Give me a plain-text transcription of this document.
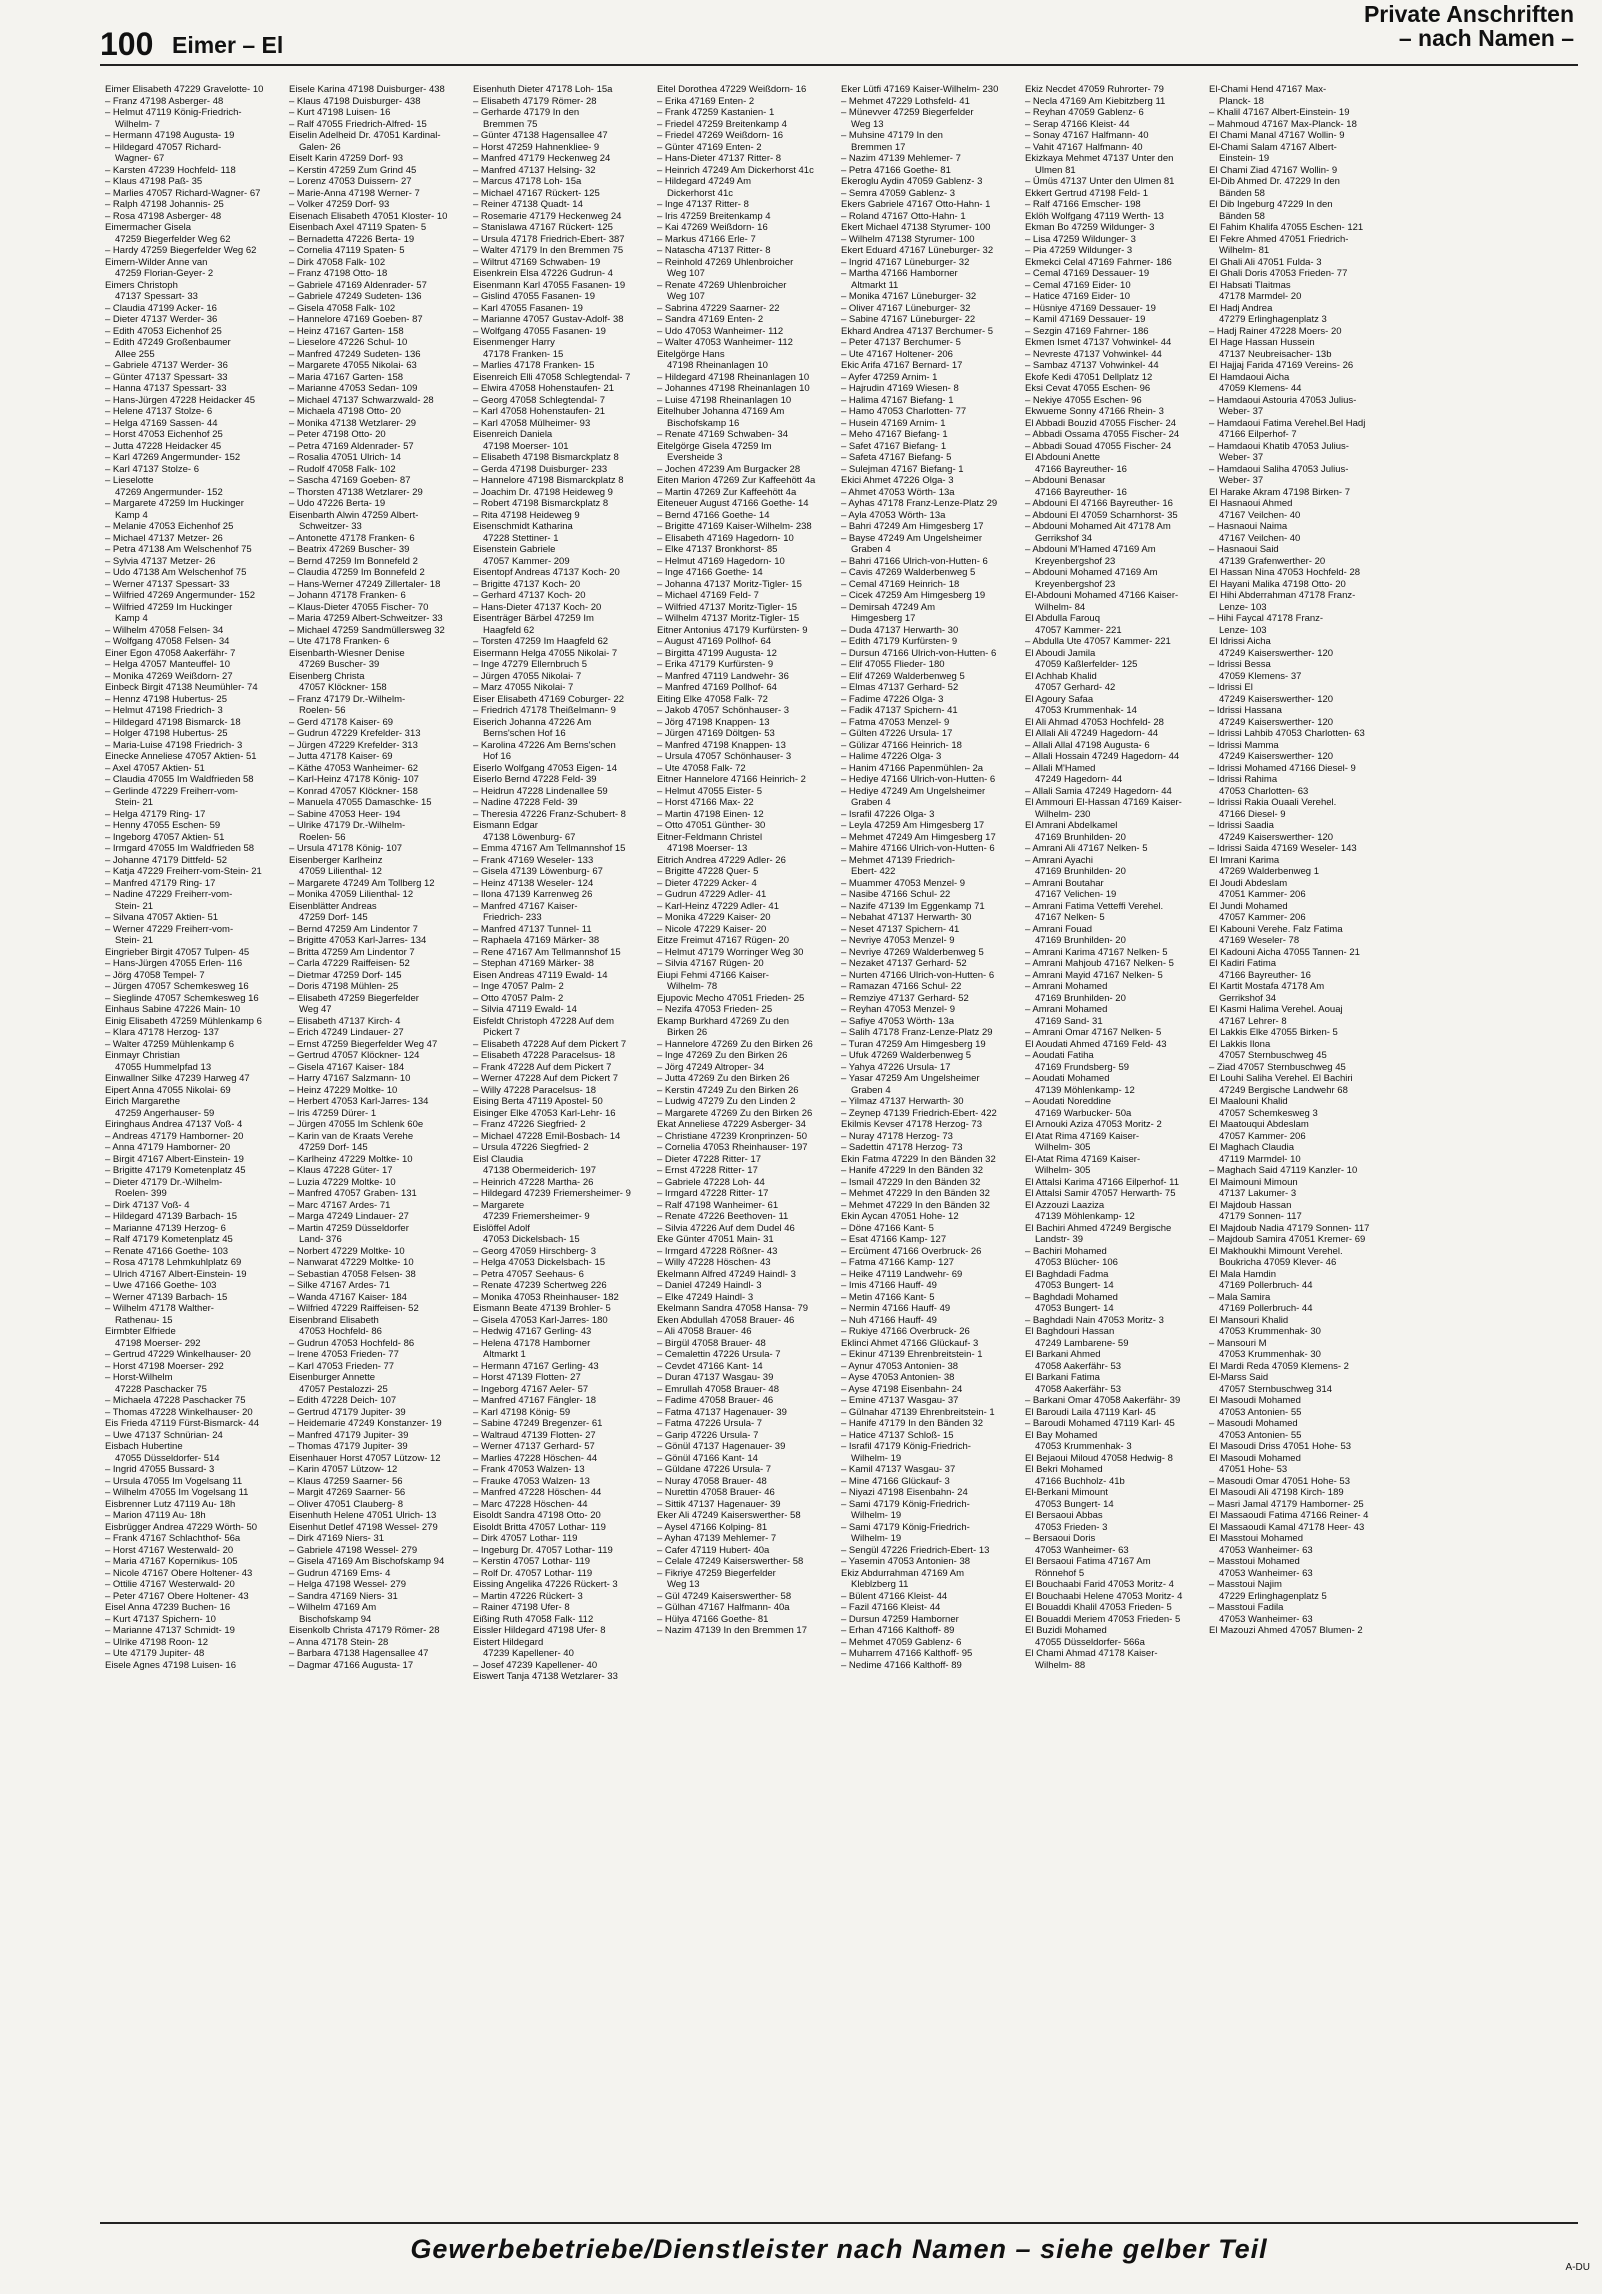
100 Eimer – El
Private Anschriften
– nach Namen –
Eimer Elisabeth 47229 Gravelotte- 10
– Franz 47198 Asberger- 48
– Helmut 47119 König-Friedrich-
Wilhelm- 7
– Hermann 47198 Augusta- 19
– Hildegard 47057 Richard-
Wagner- 67
– Karsten 47239 Hochfeld- 118
– Klaus 47198 Paß- 35
– Marlies 47057 Richard-Wagner- 67
– Ralph 47198 Johannis- 25
– Rosa 47198 Asberger- 48
Eimermacher Gisela
47259 Biegerfelder Weg 62
– Hardy 47259 Biegerfelder Weg 62
Eimern-Wilder Anne van
47259 Florian-Geyer- 2
Eimers Christoph
47137 Spessart- 33
– Claudia 47199 Acker- 16
– Dieter 47137 Werder- 36
– Edith 47053 Eichenhof 25
– Edith 47249 Großenbaumer
Allee 255
– Gabriele 47137 Werder- 36
– Günter 47137 Spessart- 33
– Hanna 47137 Spessart- 33
– Hans-Jürgen 47228 Heidacker 45
– Helene 47137 Stolze- 6
– Helga 47169 Sassen- 44
– Horst 47053 Eichenhof 25
– Jutta 47228 Heidacker 45
– Karl 47269 Angermunder- 152
– Karl 47137 Stolze- 6
– Lieselotte
47269 Angermunder- 152
– Margarete 47259 Im Huckinger
Kamp 4
– Melanie 47053 Eichenhof 25
– Michael 47137 Metzer- 26
– Petra 47138 Am Welschenhof 75
– Sylvia 47137 Metzer- 26
– Udo 47138 Am Welschenhof 75
– Werner 47137 Spessart- 33
– Wilfried 47269 Angermunder- 152
– Wilfried 47259 Im Huckinger
Kamp 4
– Wilhelm 47058 Felsen- 34
– Wolfgang 47058 Felsen- 34
Einer Egon 47058 Aakerfähr- 7
– Helga 47057 Manteuffel- 10
– Monika 47269 Weißdorn- 27
Einbeck Birgit 47138 Neumühler- 74
– Hennz 47198 Hubertus- 25
– Helmut 47198 Friedrich- 3
– Hildegard 47198 Bismarck- 18
– Holger 47198 Hubertus- 25
– Maria-Luise 47198 Friedrich- 3
Einecke Anneliese 47057 Aktien- 51
– Axel 47057 Aktien- 51
– Claudia 47055 Im Waldfrieden 58
– Gerlinde 47229 Freiherr-vom-
Stein- 21
– Helga 47179 Ring- 17
– Henny 47055 Eschen- 59
– Ingeborg 47057 Aktien- 51
– Irmgard 47055 Im Waldfrieden 58
– Johanne 47179 Dittfeld- 52
– Katja 47229 Freiherr-vom-Stein- 21
– Manfred 47179 Ring- 17
– Nadine 47229 Freiherr-vom-
Stein- 21
– Silvana 47057 Aktien- 51
– Werner 47229 Freiherr-vom-
Stein- 21
Eingrieber Birgit 47057 Tulpen- 45
– Hans-Jürgen 47055 Erlen- 116
– Jörg 47058 Tempel- 7
– Jürgen 47057 Schemkesweg 16
– Sieglinde 47057 Schemkesweg 16
Einhaus Sabine 47226 Main- 10
Einig Elisabeth 47259 Mühlenkamp 6
– Klara 47178 Herzog- 137
– Walter 47259 Mühlenkamp 6
Einmayr Christian
47055 Hummelpfad 13
Einwallner Silke 47239 Harweg 47
Eipert Anna 47055 Nikolai- 69
Eirich Margarethe
47259 Angerhauser- 59
Eiringhaus Andrea 47137 Voß- 4
– Andreas 47179 Hamborner- 20
– Anna 47179 Hamborner- 20
– Birgit 47167 Albert-Einstein- 19
– Brigitte 47179 Kometenplatz 45
– Dieter 47179 Dr.-Wilhelm-
Roelen- 399
– Dirk 47137 Voß- 4
– Hildegard 47139 Barbach- 15
– Marianne 47139 Herzog- 6
– Ralf 47179 Kometenplatz 45
– Renate 47166 Goethe- 103
– Rosa 47178 Lehmkuhlplatz 69
– Ulrich 47167 Albert-Einstein- 19
– Uwe 47166 Goethe- 103
– Werner 47139 Barbach- 15
– Wilhelm 47178 Walther-
Rathenau- 15
Eirmbter Elfriede
47198 Moerser- 292
– Gertrud 47229 Winkelhauser- 20
– Horst 47198 Moerser- 292
– Horst-Wilhelm
47228 Paschacker 75
– Michaela 47228 Paschacker 75
– Thomas 47228 Winkelhauser- 20
Eis Frieda 47119 Fürst-Bismarck- 44
– Uwe 47137 Schnürian- 24
Eisbach Hubertine
47055 Düsseldorfer- 514
– Ingrid 47055 Bussard- 3
– Ursula 47055 Im Vogelsang 11
– Wilhelm 47055 Im Vogelsang 11
Eisbrenner Lutz 47119 Au- 18h
– Marion 47119 Au- 18h
Eisbrügger Andrea 47229 Wörth- 50
– Frank 47167 Schlachthof- 56a
– Horst 47167 Westerwald- 20
– Maria 47167 Kopernikus- 105
– Nicole 47167 Obere Holtener- 43
– Ottilie 47167 Westerwald- 20
– Peter 47167 Obere Holtener- 43
Eisel Anna 47239 Buchen- 16
– Kurt 47137 Spichern- 10
– Marianne 47137 Schmidt- 19
– Ulrike 47198 Roon- 12
– Ute 47179 Jupiter- 48
Eisele Agnes 47198 Luisen- 16
Eisele Karina 47198 Duisburger- 438
– Klaus 47198 Duisburger- 438
– Kurt 47198 Luisen- 16
– Ralf 47055 Friedrich-Alfred- 15
Eiselin Adelheid Dr. 47051 Kardinal-
Galen- 26
Eiselt Karin 47259 Dorf- 93
– Kerstin 47259 Zum Grind 45
– Lorenz 47053 Duissern- 27
– Marie-Anna 47198 Werner- 7
– Volker 47259 Dorf- 93
Eisenach Elisabeth 47051 Kloster- 10
Eisenbach Axel 47119 Spaten- 5
– Bernadetta 47226 Berta- 19
– Cornelia 47119 Spaten- 5
– Dirk 47058 Falk- 102
– Franz 47198 Otto- 18
– Gabriele 47169 Aldenrader- 57
– Gabriele 47249 Sudeten- 136
– Gisela 47058 Falk- 102
– Hannelore 47169 Goeben- 87
– Heinz 47167 Garten- 158
– Lieselore 47226 Schul- 10
– Manfred 47249 Sudeten- 136
– Margarete 47055 Nikolai- 63
– Maria 47167 Garten- 158
– Marianne 47053 Sedan- 109
– Michael 47137 Schwarzwald- 28
– Michaela 47198 Otto- 20
– Monika 47138 Wetzlarer- 29
– Peter 47198 Otto- 20
– Petra 47169 Aldenrader- 57
– Rosalia 47051 Ulrich- 14
– Rudolf 47058 Falk- 102
– Sascha 47169 Goeben- 87
– Thorsten 47138 Wetzlarer- 29
– Udo 47226 Berta- 19
Eisenbarth Alwin 47259 Albert-
Schweitzer- 33
– Antonette 47178 Franken- 6
– Beatrix 47269 Buscher- 39
– Bernd 47259 Im Bonnefeld 2
– Claudia 47259 Im Bonnefeld 2
– Hans-Werner 47249 Zillertaler- 18
– Johann 47178 Franken- 6
– Klaus-Dieter 47055 Fischer- 70
– Maria 47259 Albert-Schweitzer- 33
– Michael 47259 Sandmüllersweg 32
– Ute 47178 Franken- 6
Eisenbarth-Wiesner Denise
47269 Buscher- 39
Eisenberg Christa
47057 Klöckner- 158
– Franz 47179 Dr.-Wilhelm-
Roelen- 56
– Gerd 47178 Kaiser- 69
– Gudrun 47229 Krefelder- 313
– Jürgen 47229 Krefelder- 313
– Jutta 47178 Kaiser- 69
– Käthe 47053 Wanheimer- 62
– Karl-Heinz 47178 König- 107
– Konrad 47057 Klöckner- 158
– Manuela 47055 Damaschke- 15
– Sabine 47053 Heer- 194
– Ulrike 47179 Dr.-Wilhelm-
Roelen- 56
– Ursula 47178 König- 107
Eisenberger Karlheinz
47059 Lilienthal- 12
– Margarete 47249 Am Tollberg 12
– Monika 47059 Lilienthal- 12
Eisenblätter Andreas
47259 Dorf- 145
– Bernd 47259 Am Lindentor 7
– Brigitte 47053 Karl-Jarres- 134
– Britta 47259 Am Lindentor 7
– Carla 47229 Raiffeisen- 52
– Dietmar 47259 Dorf- 145
– Doris 47198 Mühlen- 25
– Elisabeth 47259 Biegerfelder
Weg 47
– Elisabeth 47137 Kirch- 4
– Erich 47249 Lindauer- 27
– Ernst 47259 Biegerfelder Weg 47
– Gertrud 47057 Klöckner- 124
– Gisela 47167 Kaiser- 184
– Harry 47167 Salzmann- 10
– Heinz 47229 Moltke- 10
– Herbert 47053 Karl-Jarres- 134
– Iris 47259 Dürer- 1
– Jürgen 47055 Im Schlenk 60e
– Karin van de Kraats Verehe
47259 Dorf- 145
– Karlheinz 47229 Moltke- 10
– Klaus 47228 Güter- 17
– Luzia 47229 Moltke- 10
– Manfred 47057 Graben- 131
– Marc 47167 Ardes- 71
– Marga 47249 Lindauer- 27
– Martin 47259 Düsseldorfer
Land- 376
– Norbert 47229 Moltke- 10
– Nanwarat 47229 Moltke- 10
– Sebastian 47058 Felsen- 38
– Silke 47167 Ardes- 71
– Wanda 47167 Kaiser- 184
– Wilfried 47229 Raiffeisen- 52
Eisenbrand Elisabeth
47053 Hochfeld- 86
– Gudrun 47053 Hochfeld- 86
– Irene 47053 Frieden- 77
– Karl 47053 Frieden- 77
Eisenburger Annette
47057 Pestalozzi- 25
– Edith 47228 Deich- 107
– Gertrud 47179 Jupiter- 39
– Heidemarie 47249 Konstanzer- 19
– Manfred 47179 Jupiter- 39
– Thomas 47179 Jupiter- 39
Eisenhauer Horst 47057 Lützow- 12
– Karin 47057 Lützow- 12
– Klaus 47259 Saarner- 56
– Margit 47269 Saarner- 56
– Oliver 47051 Clauberg- 8
Eisenhuth Helene 47051 Ulrich- 13
Eisenhut Detlef 47198 Wessel- 279
– Dirk 47169 Niers- 31
– Gabriele 47198 Wessel- 279
– Gisela 47169 Am Bischofskamp 94
– Gudrun 47169 Ems- 4
– Helga 47198 Wessel- 279
– Sandra 47169 Niers- 31
– Wilhelm 47169 Am
Bischofskamp 94
Eisenkolb Christa 47179 Römer- 28
– Anna 47178 Stein- 28
– Barbara 47138 Hagensallee 47
– Dagmar 47166 Augusta- 17
Eisenhuth Dieter 47178 Loh- 15a
– Elisabeth 47179 Römer- 28
– Gerharde 47179 In den
Bremmen 75
– Günter 47138 Hagensallee 47
– Horst 47259 Hahnenkliee- 9
– Manfred 47179 Heckenweg 24
– Manfred 47137 Helsing- 32
– Marcus 47178 Loh- 15a
– Michael 47167 Rückert- 125
– Reiner 47138 Quadt- 14
– Rosemarie 47179 Heckenweg 24
– Stanislawa 47167 Rückert- 125
– Ursula 47178 Friedrich-Ebert- 387
– Walter 47179 In den Bremmen 75
– Wiltrut 47169 Schwaben- 19
Eisenkrein Elsa 47226 Gudrun- 4
Eisenmann Karl 47055 Fasanen- 19
– Gislind 47055 Fasanen- 19
– Karl 47055 Fasanen- 19
– Marianne 47057 Gustav-Adolf- 38
– Wolfgang 47055 Fasanen- 19
Eisenmenger Harry
47178 Franken- 15
– Marlies 47178 Franken- 15
Eisenreich Elli 47058 Schlegtendal- 7
– Elwira 47058 Hohenstaufen- 21
– Georg 47058 Schlegtendal- 7
– Karl 47058 Hohenstaufen- 21
– Karl 47058 Mülheimer- 93
Eisenreich Daniela
47198 Moerser- 101
– Elisabeth 47198 Bismarckplatz 8
– Gerda 47198 Duisburger- 233
– Hannelore 47198 Bismarckplatz 8
– Joachim Dr. 47198 Heideweg 9
– Robert 47198 Bismarckplatz 8
– Rita 47198 Heideweg 9
Eisenschmidt Katharina
47228 Stettiner- 1
Eisenstein Gabriele
47057 Kammer- 209
Eisentopf Andreas 47137 Koch- 20
– Brigitte 47137 Koch- 20
– Gerhard 47137 Koch- 20
– Hans-Dieter 47137 Koch- 20
Eisenträger Bärbel 47259 Im
Haagfeld 62
– Torsten 47259 Im Haagfeld 62
Eisermann Helga 47055 Nikolai- 7
– Inge 47279 Ellernbruch 5
– Jürgen 47055 Nikolai- 7
– Marz 47055 Nikolai- 7
Eiser Elisabeth 47169 Coburger- 22
– Friedrich 47178 Theißelmann- 9
Eiserich Johanna 47226 Am
Berns'schen Hof 16
– Karolina 47226 Am Berns'schen
Hof 16
Eiserlo Wolfgang 47053 Eigen- 14
Eiserlo Bernd 47228 Feld- 39
– Heidrun 47228 Lindenallee 59
– Nadine 47228 Feld- 39
– Theresia 47226 Franz-Schubert- 8
Eismann Edgar
47138 Löwenburg- 67
– Emma 47167 Am Tellmannshof 15
– Frank 47169 Weseler- 133
– Gisela 47139 Löwenburg- 67
– Heinz 47138 Weseler- 124
– Ilona 47139 Karrenweg 26
– Manfred 47167 Kaiser-
Friedrich- 233
– Manfred 47137 Tunnel- 11
– Raphaela 47169 Märker- 38
– Rene 47167 Am Tellmannshof 15
– Stephan 47169 Märker- 38
Eisen Andreas 47119 Ewald- 14
– Inge 47057 Palm- 2
– Otto 47057 Palm- 2
– Silvia 47119 Ewald- 14
Eisfeldt Christoph 47228 Auf dem
Pickert 7
– Elisabeth 47228 Auf dem Pickert 7
– Elisabeth 47228 Paracelsus- 18
– Frank 47228 Auf dem Pickert 7
– Werner 47228 Auf dem Pickert 7
– Willy 47228 Paracelsus- 18
Eising Berta 47119 Apostel- 50
Eisinger Elke 47053 Karl-Lehr- 16
– Franz 47226 Siegfried- 2
– Michael 47228 Emil-Bosbach- 14
– Ursula 47226 Siegfried- 2
Eisl Claudia
47138 Obermeiderich- 197
– Heinrich 47228 Martha- 26
– Hildegard 47239 Friemersheimer- 9
– Margarete
47239 Friemersheimer- 9
Eislöffel Adolf
47053 Dickelsbach- 15
– Georg 47059 Hirschberg- 3
– Helga 47053 Dickelsbach- 15
– Petra 47057 Seehaus- 6
– Renate 47239 Schertweg 226
– Monika 47053 Rheinhauser- 182
Eismann Beate 47139 Brohler- 5
– Gisela 47053 Karl-Jarres- 180
– Hedwig 47167 Gerling- 43
– Helena 47178 Hamborner
Altmarkt 1
– Hermann 47167 Gerling- 43
– Horst 47139 Flotten- 27
– Ingeborg 47167 Aeler- 57
– Manfred 47167 Fängler- 18
– Karl 47198 König- 59
– Sabine 47249 Bregenzer- 61
– Waltraud 47139 Flotten- 27
– Werner 47137 Gerhard- 57
– Marlies 47228 Höschen- 44
– Frank 47053 Walzen- 13
– Frauke 47053 Walzen- 13
– Manfred 47228 Höschen- 44
– Marc 47228 Höschen- 44
Eisoldt Sandra 47198 Otto- 20
Eisoldt Britta 47057 Lothar- 119
– Dirk 47057 Lothar- 119
– Ingeburg Dr. 47057 Lothar- 119
– Kerstin 47057 Lothar- 119
– Rolf Dr. 47057 Lothar- 119
Eissing Angelika 47226 Rückert- 3
– Martin 47226 Rückert- 3
– Rainer 47198 Ufer- 8
Eißing Ruth 47058 Falk- 112
Eissler Hildegard 47198 Ufer- 8
Eistert Hildegard
47239 Kapellener- 40
– Josef 47239 Kapellener- 40
Eiswert Tanja 47138 Wetzlarer- 33
Eitel Dorothea 47229 Weißdorn- 16
– Erika 47169 Enten- 2
– Frank 47259 Kastanien- 1
– Friedel 47259 Breitenkamp 4
– Friedel 47269 Weißdorn- 16
– Günter 47169 Enten- 2
– Hans-Dieter 47137 Ritter- 8
– Heinrich 47249 Am Dickerhorst 41c
– Hildegard 47249 Am
Dickerhorst 41c
– Inge 47137 Ritter- 8
– Iris 47259 Breitenkamp 4
– Kai 47269 Weißdorn- 16
– Markus 47166 Erle- 7
– Natascha 47137 Ritter- 8
– Reinhold 47269 Uhlenbroicher
Weg 107
– Renate 47269 Uhlenbroicher
Weg 107
– Sabrina 47229 Saarner- 22
– Sandra 47169 Enten- 2
– Udo 47053 Wanheimer- 112
– Walter 47053 Wanheimer- 112
Eitelgörge Hans
47198 Rheinanlagen 10
– Hildegard 47198 Rheinanlagen 10
– Johannes 47198 Rheinanlagen 10
– Luise 47198 Rheinanlagen 10
Eitelhuber Johanna 47169 Am
Bischofskamp 16
– Renate 47169 Schwaben- 34
Eitelgörge Gisela 47259 Im
Eversheide 3
– Jochen 47239 Am Burgacker 28
Eiten Marion 47269 Zur Kaffeehött 4a
– Martin 47269 Zur Kaffeehött 4a
Eiteneuer August 47166 Goethe- 14
– Bernd 47166 Goethe- 14
– Brigitte 47169 Kaiser-Wilhelm- 238
– Elisabeth 47169 Hagedorn- 10
– Elke 47137 Bronkhorst- 85
– Helmut 47169 Hagedorn- 10
– Inge 47166 Goethe- 14
– Johanna 47137 Moritz-Tigler- 15
– Michael 47169 Feld- 7
– Wilfried 47137 Moritz-Tigler- 15
– Wilhelm 47137 Moritz-Tigler- 15
Eitner Antonius 47179 Kurfürsten- 9
– August 47169 Pollhof- 64
– Birgitta 47199 Augusta- 12
– Erika 47179 Kurfürsten- 9
– Manfred 47119 Landwehr- 36
– Manfred 47169 Pollhof- 64
Eiting Elke 47058 Falk- 72
– Jakob 47057 Schönhauser- 3
– Jörg 47198 Knappen- 13
– Jürgen 47169 Döltgen- 53
– Manfred 47198 Knappen- 13
– Ursula 47057 Schönhauser- 3
– Ute 47058 Falk- 72
Eitner Hannelore 47166 Heinrich- 2
– Helmut 47055 Eister- 5
– Horst 47166 Max- 22
– Martin 47198 Einen- 12
– Otto 47051 Günther- 30
Eitner-Feldmann Christel
47198 Moerser- 13
Eitrich Andrea 47229 Adler- 26
– Brigitte 47228 Quer- 5
– Dieter 47229 Acker- 4
– Gudrun 47229 Adler- 41
– Karl-Heinz 47229 Adler- 41
– Monika 47229 Kaiser- 20
– Nicole 47229 Kaiser- 20
Eitze Freimut 47167 Rügen- 20
– Helmut 47179 Worringer Weg 30
– Silvia 47167 Rügen- 20
Eiupi Fehmi 47166 Kaiser-
Wilhelm- 78
Ejupovic Mecho 47051 Frieden- 25
– Nezifa 47053 Frieden- 25
Ekamp Burkhard 47269 Zu den
Birken 26
– Hannelore 47269 Zu den Birken 26
– Inge 47269 Zu den Birken 26
– Jörg 47249 Altroper- 34
– Jutta 47269 Zu den Birken 26
– Kerstin 47249 Zu den Birken 26
– Ludwig 47279 Zu den Linden 2
– Margarete 47269 Zu den Birken 26
Ekat Anneliese 47229 Asberger- 34
– Christiane 47239 Kronprinzen- 50
– Cornelia 47053 Rheinhauser- 197
– Dieter 47228 Ritter- 17
– Ernst 47228 Ritter- 17
– Gabriele 47228 Loh- 44
– Irmgard 47228 Ritter- 17
– Ralf 47198 Wanheimer- 61
– Renate 47226 Beethoven- 11
– Silvia 47226 Auf dem Dudel 46
Eke Günter 47051 Main- 31
– Irmgard 47228 Rößner- 43
– Willy 47228 Höschen- 43
Ekelmann Alfred 47249 Haindl- 3
– Daniel 47249 Haindl- 3
– Elke 47249 Haindl- 3
Ekelmann Sandra 47058 Hansa- 79
Eken Abdullah 47058 Brauer- 46
– Ali 47058 Brauer- 46
– Birgül 47058 Brauer- 48
– Cemalettin 47226 Ursula- 7
– Cevdet 47166 Kant- 14
– Duran 47137 Wasgau- 39
– Emrullah 47058 Brauer- 48
– Fadime 47058 Brauer- 46
– Fatma 47137 Hagenauer- 39
– Fatma 47226 Ursula- 7
– Garip 47226 Ursula- 7
– Gönül 47137 Hagenauer- 39
– Gönül 47166 Kant- 14
– Güldane 47226 Ursula- 7
– Nuray 47058 Brauer- 48
– Nurettin 47058 Brauer- 46
– Sittik 47137 Hagenauer- 39
Eker Ali 47249 Kaiserswerther- 58
– Aysel 47166 Kolping- 81
– Ayhan 47139 Mehlemer- 7
– Cafer 47119 Hubert- 40a
– Celale 47249 Kaiserswerther- 58
– Fikriye 47259 Biegerfelder
Weg 13
– Gül 47249 Kaiserswerther- 58
– Gülhan 47167 Halfmann- 40a
– Hülya 47166 Goethe- 81
– Nazim 47139 In den Bremmen 17
Eker Lütfi 47169 Kaiser-Wilhelm- 230
– Mehmet 47229 Lothsfeld- 41
– Münevver 47259 Biegerfelder
Weg 13
– Muhsine 47179 In den
Bremmen 17
– Nazim 47139 Mehlemer- 7
– Petra 47166 Goethe- 81
Ekeroglu Aydin 47059 Gablenz- 3
– Semra 47059 Gablenz- 3
Ekers Gabriele 47167 Otto-Hahn- 1
– Roland 47167 Otto-Hahn- 1
Ekert Michael 47138 Styrumer- 100
– Wilhelm 47138 Styrumer- 100
Ekert Eduard 47167 Lüneburger- 32
– Ingrid 47167 Lüneburger- 32
– Martha 47166 Hamborner
Altmarkt 11
– Monika 47167 Lüneburger- 32
– Oliver 47167 Lüneburger- 32
– Sabine 47167 Lüneburger- 22
Ekhard Andrea 47137 Berchumer- 5
– Peter 47137 Berchumer- 5
– Ute 47167 Holtener- 206
Ekic Arifa 47167 Bernard- 17
– Ayfer 47259 Arnim- 1
– Hajrudin 47169 Wiesen- 8
– Halima 47167 Biefang- 1
– Hamo 47053 Charlotten- 77
– Husein 47169 Arnim- 1
– Meho 47167 Biefang- 1
– Safet 47167 Biefang- 1
– Safeta 47167 Biefang- 5
– Sulejman 47167 Biefang- 1
Ekici Ahmet 47226 Olga- 3
– Ahmet 47053 Wörth- 13a
– Ayhas 47178 Franz-Lenze-Platz 29
– Ayla 47053 Wörth- 13a
– Bahri 47249 Am Himgesberg 17
– Bayse 47249 Am Ungelsheimer
Graben 4
– Bahri 47166 Ulrich-von-Hutten- 6
– Cavis 47269 Walderbenweg 5
– Cemal 47169 Heinrich- 18
– Cicek 47259 Am Himgesberg 19
– Demirsah 47249 Am
Himgesberg 17
– Duda 47137 Herwarth- 30
– Edith 47179 Kurfürsten- 9
– Dursun 47166 Ulrich-von-Hutten- 6
– Elif 47055 Flieder- 180
– Elif 47269 Walderbenweg 5
– Elmas 47137 Gerhard- 52
– Fadime 47226 Olga- 3
– Fadik 47137 Spichern- 41
– Fatma 47053 Menzel- 9
– Gülten 47226 Ursula- 17
– Gülizar 47166 Heinrich- 18
– Halime 47226 Olga- 3
– Hanim 47166 Papenmühlen- 2a
– Hediye 47166 Ulrich-von-Hutten- 6
– Hediye 47249 Am Ungelsheimer
Graben 4
– Israfil 47226 Olga- 3
– Leyla 47259 Am Himgesberg 17
– Mehmet 47249 Am Himgesberg 17
– Mahire 47166 Ulrich-von-Hutten- 6
– Mehmet 47139 Friedrich-
Ebert- 422
– Muammer 47053 Menzel- 9
– Nasibe 47166 Schul- 22
– Nazife 47139 Im Eggenkamp 71
– Nebahat 47137 Herwarth- 30
– Neset 47137 Spichern- 41
– Nevriye 47053 Menzel- 9
– Nevriye 47269 Walderbenweg 5
– Nezaket 47137 Gerhard- 52
– Nurten 47166 Ulrich-von-Hutten- 6
– Ramazan 47166 Schul- 22
– Remziye 47137 Gerhard- 52
– Reyhan 47053 Menzel- 9
– Safiye 47053 Wörth- 13a
– Salih 47178 Franz-Lenze-Platz 29
– Turan 47259 Am Himgesberg 19
– Ufuk 47269 Walderbenweg 5
– Yahya 47226 Ursula- 17
– Yasar 47259 Am Ungelsheimer
Graben 4
– Yilmaz 47137 Herwarth- 30
– Zeynep 47139 Friedrich-Ebert- 422
Ekilmis Kevser 47178 Herzog- 73
– Nuray 47178 Herzog- 73
– Sadettin 47178 Herzog- 73
Ekin Fatma 47229 In den Bänden 32
– Hanife 47229 In den Bänden 32
– Ismail 47229 In den Bänden 32
– Mehmet 47229 In den Bänden 32
– Mehmet 47229 In den Bänden 32
Ekin Aycan 47051 Hohe- 12
– Döne 47166 Kant- 5
– Esat 47166 Kamp- 127
– Ercüment 47166 Overbruck- 26
– Fatma 47166 Kamp- 127
– Heike 47119 Landwehr- 69
– Imis 47166 Hauff- 49
– Metin 47166 Kant- 5
– Nermin 47166 Hauff- 49
– Nuh 47166 Hauff- 49
– Rukiye 47166 Overbruck- 26
Eklinci Ahmet 47166 Glückauf- 3
– Ekinur 47139 Ehrenbreitstein- 1
– Aynur 47053 Antonien- 38
– Ayse 47053 Antonien- 38
– Ayse 47198 Eisenbahn- 24
– Emine 47137 Wasgau- 37
– Gülnahar 47139 Ehrenbreitstein- 1
– Hanife 47179 In den Bänden 32
– Hatice 47137 Schloß- 15
– Israfil 47179 König-Friedrich-
Wilhelm- 19
– Kamil 47137 Wasgau- 37
– Mine 47166 Glückauf- 3
– Niyazi 47198 Eisenbahn- 24
– Sami 47179 König-Friedrich-
Wilhelm- 19
– Sami 47179 König-Friedrich-
Wilhelm- 19
– Sengül 47226 Friedrich-Ebert- 13
– Yasemin 47053 Antonien- 38
Ekiz Abdurrahman 47169 Am
Kleblzberg 11
– Bülent 47166 Kleist- 44
– Fazil 47166 Kleist- 44
– Dursun 47259 Hamborner
– Erhan 47166 Kalthoff- 89
– Mehmet 47059 Gablenz- 6
– Muharrem 47166 Kalthoff- 95
– Nedime 47166 Kalthoff- 89
Ekiz Necdet 47059 Ruhrorter- 79
– Necla 47169 Am Kiebitzberg 11
– Reyhan 47059 Gablenz- 6
– Serap 47166 Kleist- 44
– Sonay 47167 Halfmann- 40
– Vahit 47167 Halfmann- 40
Ekizkaya Mehmet 47137 Unter den
Ulmen 81
– Ümüs 47137 Unter den Ulmen 81
Ekkert Gertrud 47198 Feld- 1
– Ralf 47166 Emscher- 198
Eklöh Wolfgang 47119 Werth- 13
Ekman Bo 47259 Wildunger- 3
– Lisa 47259 Wildunger- 3
– Pia 47259 Wildunger- 3
Ekmekci Celal 47169 Fahrner- 186
– Cemal 47169 Dessauer- 19
– Cemal 47169 Eider- 10
– Hatice 47169 Eider- 10
– Hüsniye 47169 Dessauer- 19
– Kamil 47169 Dessauer- 19
– Sezgin 47169 Fahrner- 186
Ekmen Ismet 47137 Vohwinkel- 44
– Nevreste 47137 Vohwinkel- 44
– Sambaz 47137 Vohwinkel- 44
Ekofe Kedi 47051 Dellplatz 12
Eksi Cevat 47055 Eschen- 96
– Nekiye 47055 Eschen- 96
Ekwueme Sonny 47166 Rhein- 3
El Abbadi Bouzid 47055 Fischer- 24
– Abbadi Ossama 47055 Fischer- 24
– Abbadi Souad 47055 Fischer- 24
El Abdouni Anette
47166 Bayreuther- 16
– Abdouni Benasar
47166 Bayreuther- 16
– Abdouni El 47166 Bayreuther- 16
– Abdouni El 47059 Scharnhorst- 35
– Abdouni Mohamed Ait 47178 Am
Gerrikshof 34
– Abdouni M'Hamed 47169 Am
Kreyenbergshof 23
– Abdouni Mohamed 47169 Am
Kreyenbergshof 23
El-Abdouni Mohamed 47166 Kaiser-
Wilhelm- 84
El Abdulla Farouq
47057 Kammer- 221
– Abdulla Ute 47057 Kammer- 221
El Aboudi Jamila
47059 Kaßlerfelder- 125
El Achhab Khalid
47057 Gerhard- 42
El Agoury Safaa
47053 Krummenhak- 14
El Ali Ahmad 47053 Hochfeld- 28
El Allali Ali 47249 Hagedorn- 44
– Allali Allal 47198 Augusta- 6
– Allali Hossain 47249 Hagedorn- 44
– Allali M'Hamed
47249 Hagedorn- 44
– Allali Samia 47249 Hagedorn- 44
El Ammouri El-Hassan 47169 Kaiser-
Wilhelm- 230
El Amrani Abdelkamel
47169 Brunhilden- 20
– Amrani Ali 47167 Nelken- 5
– Amrani Ayachi
47169 Brunhilden- 20
– Amrani Boutahar
47167 Velichen- 19
– Amrani Fatima Vetteffi Verehel.
47167 Nelken- 5
– Amrani Fouad
47169 Brunhilden- 20
– Amrani Karima 47167 Nelken- 5
– Amrani Mahjoub 47167 Nelken- 5
– Amrani Mayid 47167 Nelken- 5
– Amrani Mohamed
47169 Brunhilden- 20
– Amrani Mohamed
47169 Sand- 31
– Amrani Omar 47167 Nelken- 5
El Aoudati Ahmed 47169 Feld- 43
– Aoudati Fatiha
47169 Frundsberg- 59
– Aoudati Mohamed
47139 Möhlenkamp- 12
– Aoudati Noreddine
47169 Warbucker- 50a
El Arnouki Aziza 47053 Moritz- 2
El Atat Rima 47169 Kaiser-
Wilhelm- 305
El-Atat Rima 47169 Kaiser-
Wilhelm- 305
El Attalsi Karima 47166 Eilperhof- 11
El Attalsi Samir 47057 Herwarth- 75
El Azzouzi Laaziza
47139 Möhlenkamp- 12
El Bachiri Ahmed 47249 Bergische
Landstr- 39
– Bachiri Mohamed
47053 Blücher- 106
El Baghdadi Fadma
47053 Bungert- 14
– Baghdadi Mohamed
47053 Bungert- 14
– Baghdadi Nain 47053 Moritz- 3
El Baghdouri Hassan
47249 Lambarene- 59
El Barkani Ahmed
47058 Aakerfähr- 53
El Barkani Fatima
47058 Aakerfähr- 53
– Barkani Omar 47058 Aakerfähr- 39
El Baroudi Laila 47119 Karl- 45
– Baroudi Mohamed 47119 Karl- 45
El Bay Mohamed
47053 Krummenhak- 3
El Bejaoui Miloud 47058 Hedwig- 8
El Bekri Mohamed
47166 Buchholz- 41b
El-Berkani Mimount
47053 Bungert- 14
El Bersaoui Abbas
47053 Frieden- 3
– Bersaoui Doris
47053 Wanheimer- 63
El Bersaoui Fatima 47167 Am
Rönnehof 5
El Bouchaabi Farid 47053 Moritz- 4
El Bouchaabi Helene 47053 Moritz- 4
El Bouaddi Khalil 47053 Frieden- 5
El Bouaddi Meriem 47053 Frieden- 5
El Buzidi Mohamed
47055 Düsseldorfer- 566a
El Chami Ahmad 47178 Kaiser-
Wilhelm- 88
El-Chami Hend 47167 Max-
Planck- 18
– Khalil 47167 Albert-Einstein- 19
– Mahmoud 47167 Max-Planck- 18
El Chami Manal 47167 Wollin- 9
El-Chami Salam 47167 Albert-
Einstein- 19
El Chami Ziad 47167 Wollin- 9
El-Dib Ahmed Dr. 47229 In den
Bänden 58
El Dib Ingeburg 47229 In den
Bänden 58
El Fahim Khalifa 47055 Eschen- 121
El Fekre Ahmed 47051 Friedrich-
Wilhelm- 81
El Ghali Ali 47051 Fulda- 3
El Ghali Doris 47053 Frieden- 77
El Habsati Tlaitmas
47178 Marmdel- 20
El Hadj Andrea
47279 Erlinghagenplatz 3
– Hadj Rainer 47228 Moers- 20
El Hage Hassan Hussein
47137 Neubreisacher- 13b
El Hajjaj Farida 47169 Vereins- 26
El Hamdaoui Aicha
47059 Klemens- 44
– Hamdaoui Astouria 47053 Julius-
Weber- 37
– Hamdaoui Fatima Verehel.Bel Hadj
47166 Eilperhof- 7
– Hamdaoui Khatib 47053 Julius-
Weber- 37
– Hamdaoui Saliha 47053 Julius-
Weber- 37
El Harake Akram 47198 Birken- 7
El Hasnaoui Ahmed
47167 Veilchen- 40
– Hasnaoui Naima
47167 Veilchen- 40
– Hasnaoui Said
47139 Grafenwerther- 20
El Hassan Nina 47053 Hochfeld- 28
El Hayani Malika 47198 Otto- 20
El Hihi Abderrahman 47178 Franz-
Lenze- 103
– Hihi Faycal 47178 Franz-
Lenze- 103
El Idrissi Aicha
47249 Kaiserswerther- 120
– Idrissi Bessa
47059 Klemens- 37
– Idrissi El
47249 Kaiserswerther- 120
– Idrissi Hassana
47249 Kaiserswerther- 120
– Idrissi Lahbib 47053 Charlotten- 63
– Idrissi Mamma
47249 Kaiserswerther- 120
– Idrissi Mohamed 47166 Diesel- 9
– Idrissi Rahima
47053 Charlotten- 63
– Idrissi Rakia Ouaali Verehel.
47166 Diesel- 9
– Idrissi Saadia
47249 Kaiserswerther- 120
– Idrissi Saida 47169 Weseler- 143
El Imrani Karima
47269 Walderbenweg 1
El Joudi Abdeslam
47051 Kammer- 206
El Jundi Mohamed
47057 Kammer- 206
El Kabouni Verehe. Falz Fatima
47169 Weseler- 78
El Kadouni Aicha 47055 Tannen- 21
El Kadiri Fatima
47166 Bayreuther- 16
El Kartit Mostafa 47178 Am
Gerrikshof 34
El Kasmi Halima Verehel. Aouaj
47167 Lehrer- 8
El Lakkis Elke 47055 Birken- 5
El Lakkis Ilona
47057 Sternbuschweg 45
– Ziad 47057 Sternbuschweg 45
El Louhi Saliha Verehel. El Bachiri
47249 Bergische Landwehr 68
El Maalouni Khalid
47057 Schemkesweg 3
El Maatouqui Abdeslam
47057 Kammer- 206
El Maghach Claudia
47119 Marmdel- 10
– Maghach Said 47119 Kanzler- 10
El Maimouni Mimoun
47137 Lakumer- 3
El Majdoub Hassan
47179 Sonnen- 117
El Majdoub Nadia 47179 Sonnen- 117
– Majdoub Samira 47051 Kremer- 69
El Makhoukhi Mimount Verehel.
Boukricha 47059 Klever- 46
El Mala Hamdin
47169 Pollerbruch- 44
– Mala Samira
47169 Pollerbruch- 44
El Mansouri Khalid
47053 Krummenhak- 30
– Mansouri M
47053 Krummenhak- 30
El Mardi Reda 47059 Klemens- 2
El-Marss Said
47057 Sternbuschweg 314
El Masoudi Mohamed
47053 Antonien- 55
– Masoudi Mohamed
47053 Antonien- 55
El Masoudi Driss 47051 Hohe- 53
El Masoudi Mohamed
47051 Hohe- 53
– Masoudi Omar 47051 Hohe- 53
El Masoudi Ali 47198 Kirch- 189
– Masri Jamal 47179 Hamborner- 25
El Massaoudi Fatima 47166 Reiner- 4
El Massaoudi Kamal 47178 Heer- 43
El Masstoui Mohamed
47053 Wanheimer- 63
– Masstoui Mohamed
47053 Wanheimer- 63
– Masstoui Najim
47229 Erlinghagenplatz 5
– Masstoui Fadila
47053 Wanheimer- 63
El Mazouzi Ahmed 47057 Blumen- 2
Gewerbebetriebe/Dienstleister nach Namen – siehe gelber Teil
A-DU
